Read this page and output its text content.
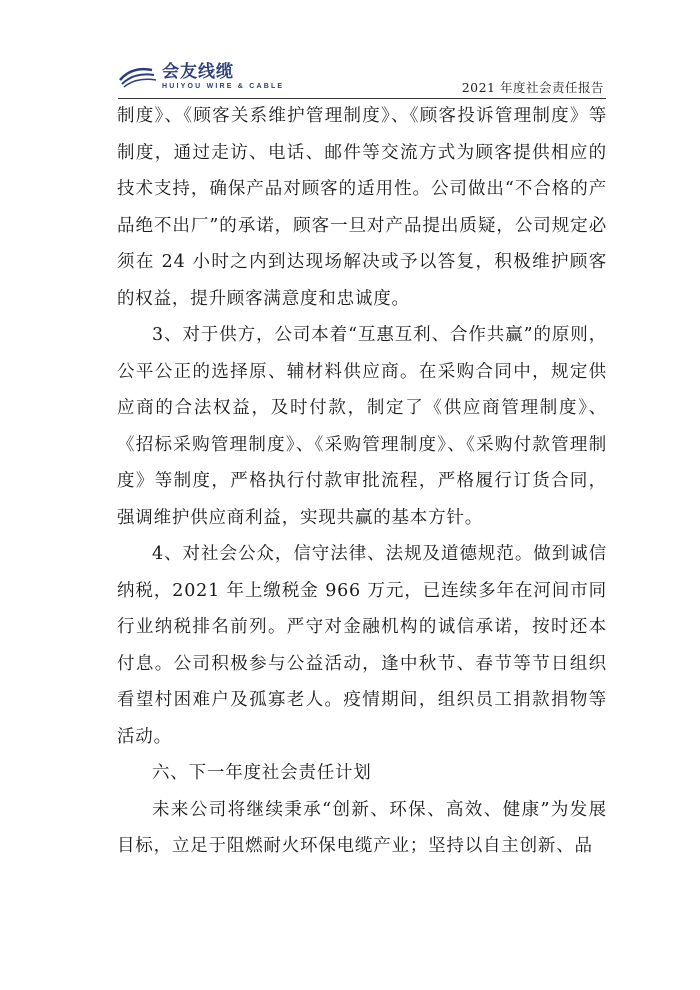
会友线缆
HUIYOU WIRE & CABLE	2021 年度社会责任报告

制度》、《顾客关系维护管理制度》、《顾客投诉管理制度》等制度，通过走访、电话、邮件等交流方式为顾客提供相应的技术支持，确保产品对顾客的适用性。公司做出“不合格的产品绝不出厂”的承诺，顾客一旦对产品提出质疑，公司规定必须在 24 小时之内到达现场解决或予以答复，积极维护顾客的权益，提升顾客满意度和忠诚度。

3、对于供方，公司本着“互惠互利、合作共赢”的原则，公平公正的选择原、辅材料供应商。在采购合同中，规定供应商的合法权益，及时付款，制定了《供应商管理制度》、《招标采购管理制度》、《采购管理制度》、《采购付款管理制度》等制度，严格执行付款审批流程，严格履行订货合同，强调维护供应商利益，实现共赢的基本方针。

4、对社会公众，信守法律、法规及道德规范。做到诚信纳税，2021 年上缴税金 966 万元，已连续多年在河间市同行业纳税排名前列。严守对金融机构的诚信承诺，按时还本付息。公司积极参与公益活动，逢中秋节、春节等节日组织看望村困难户及孤寡老人。疫情期间，组织员工捐款捐物等活动。

六、下一年度社会责任计划

未来公司将继续秉承“创新、环保、高效、健康”为发展目标，立足于阻燃耐火环保电缆产业；坚持以自主创新、品
